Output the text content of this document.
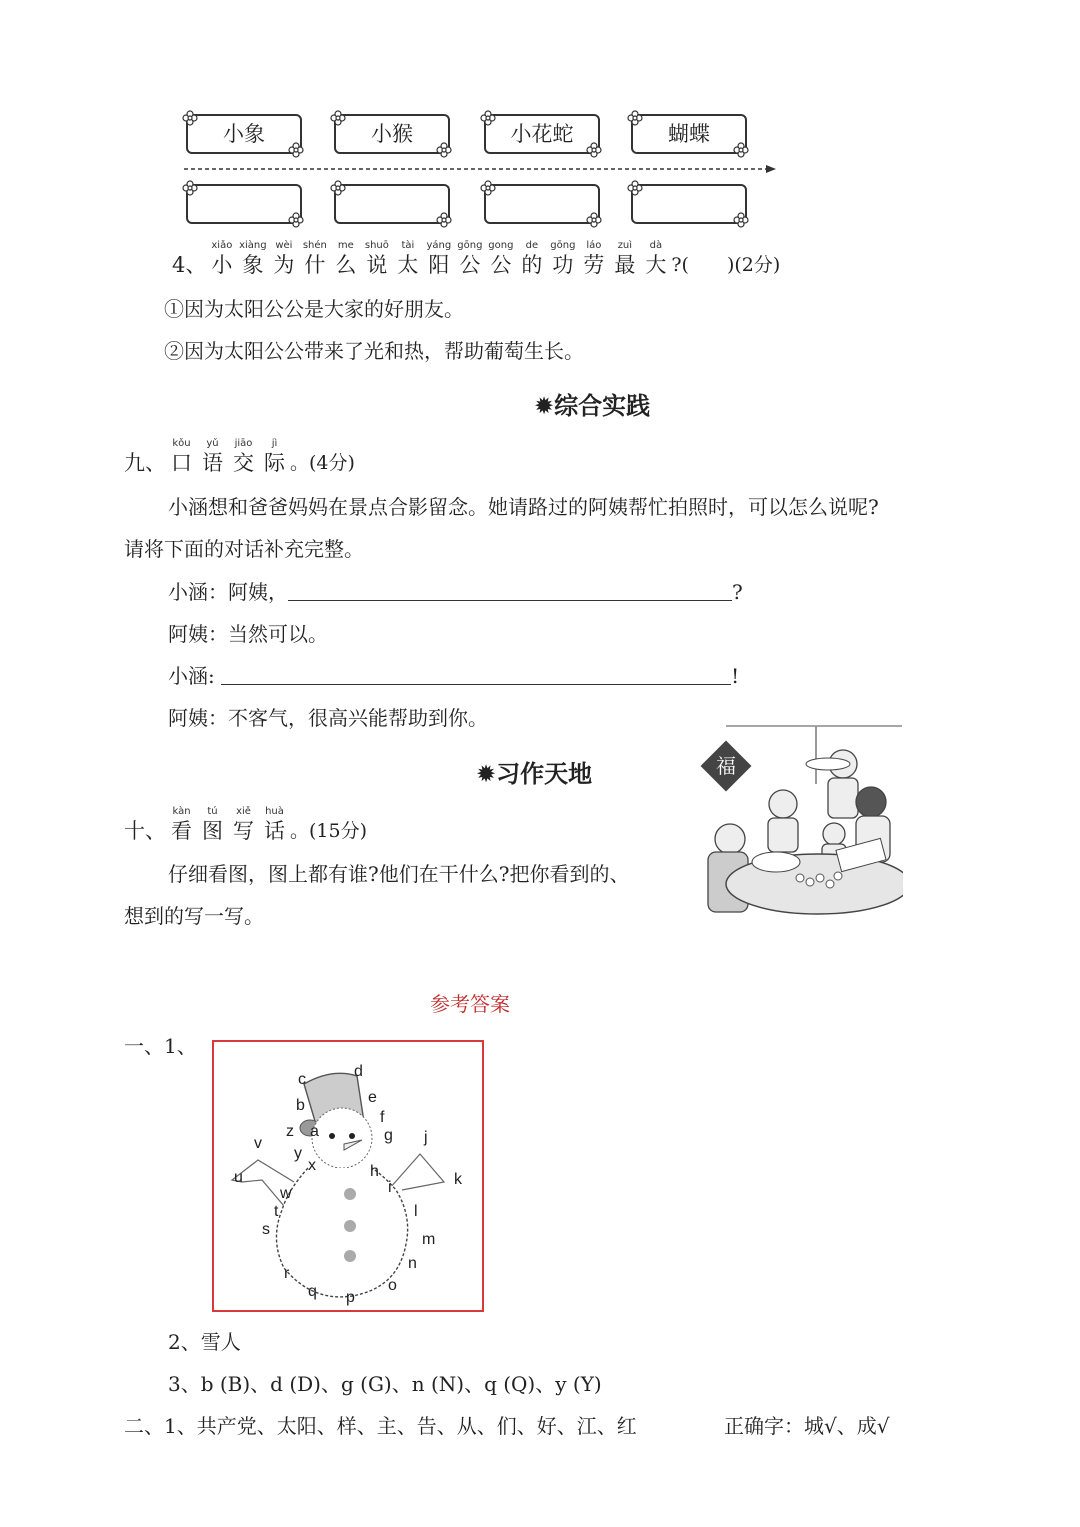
小象	小猴	小花蛇	蝴蝶

4、
xiǎo
小
xiàng
象
wèi
为
shén
什
me
么
shuō
说
tài
太
yáng
阳
gōng
公
gong
公
de
的
gōng
功
láo
劳
zuì
最
dà
大
?(　　)(2分)
①因为太阳公公是大家的好朋友。
②因为太阳公公带来了光和热，帮助葡萄生长。
✹综合实践

九、
kǒu
口
yǔ
语
jiāo
交
jì
际
。(4分)
小涵想和爸爸妈妈在景点合影留念。她请路过的阿姨帮忙拍照时，可以怎么说呢?
请将下面的对话补充完整。
小涵：阿姨，	?
阿姨：当然可以。
小涵:	!
阿姨：不客气，很高兴能帮助到你。
✹习作天地

十、
kàn
看
tú
图
xiě
写
huà
话
。(15分)
仔细看图，图上都有谁?他们在干什么?把你看到的、
想到的写一写。
福
参考答案
一、1、
a
b
c	d
e
f
g
h
i
j
k
l
m
n
o
p
q
r
s
t
u
v
w
x
y
z
2、雪人
3、b (B)、d (D)、g (G)、n (N)、q (Q)、y (Y)
二、1、共产党、太阳、样、主、告、从、们、好、江、红	正确字：城√、成√
